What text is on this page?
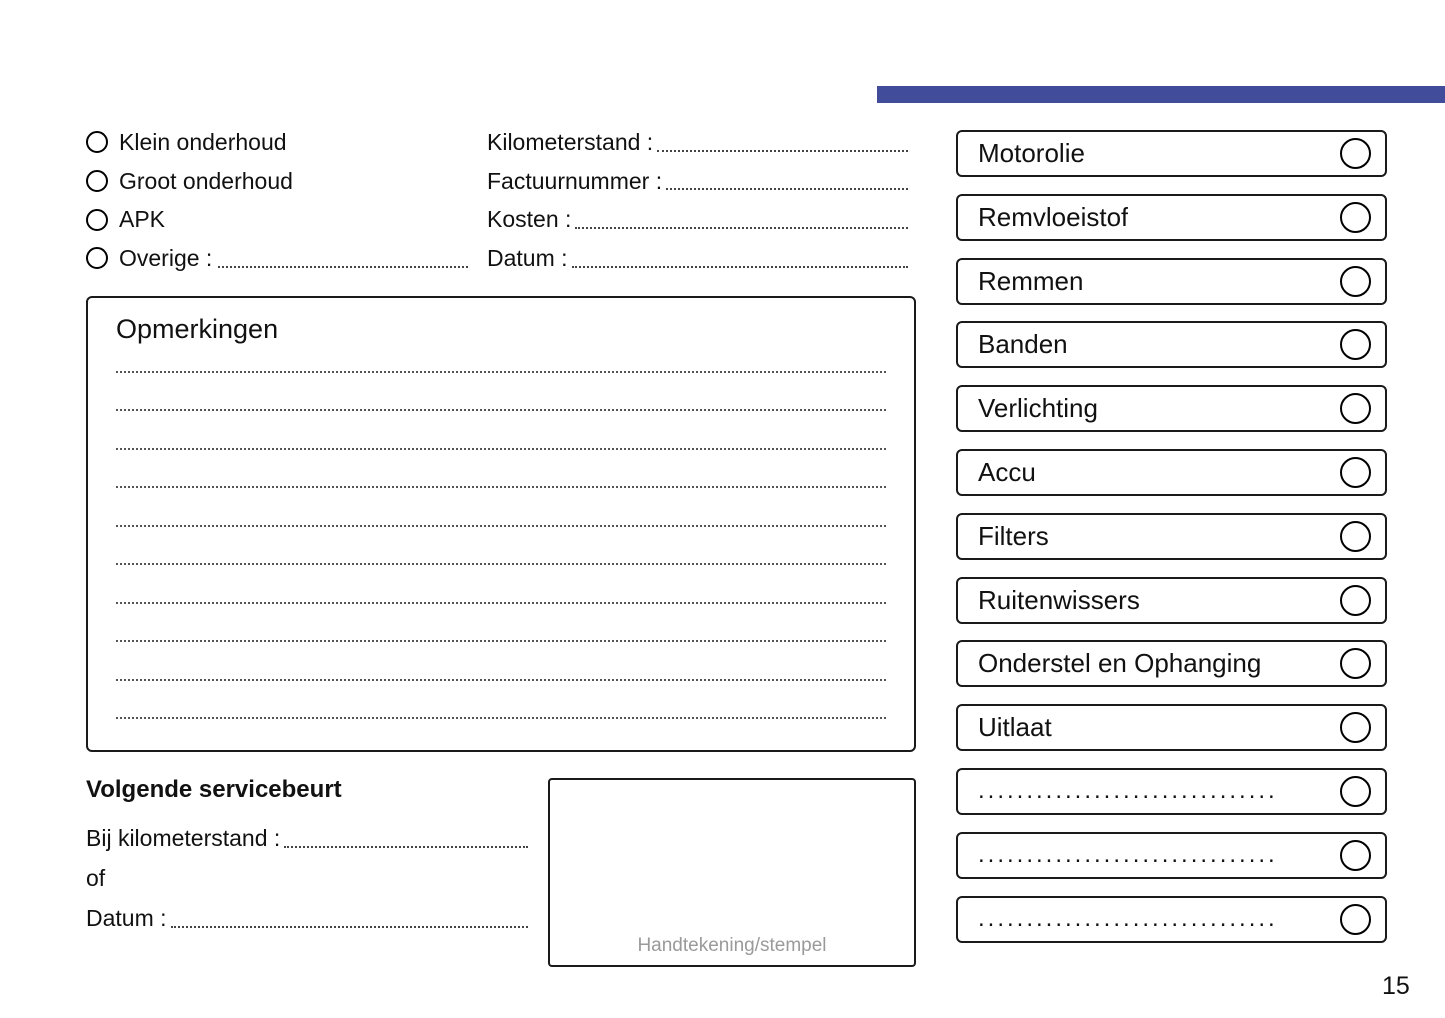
Klein onderhoud
Groot onderhoud
APK
Overige :
Kilometerstand :
Factuurnummer :
Kosten :
Datum :
Opmerkingen
Volgende servicebeurt
Bij kilometerstand :
of
Datum :
Handtekening/stempel
Motorolie
Remvloeistof
Remmen
Banden
Verlichting
Accu
Filters
Ruitenwissers
Onderstel en Ophanging
Uitlaat
...............................
...............................
...............................
15
